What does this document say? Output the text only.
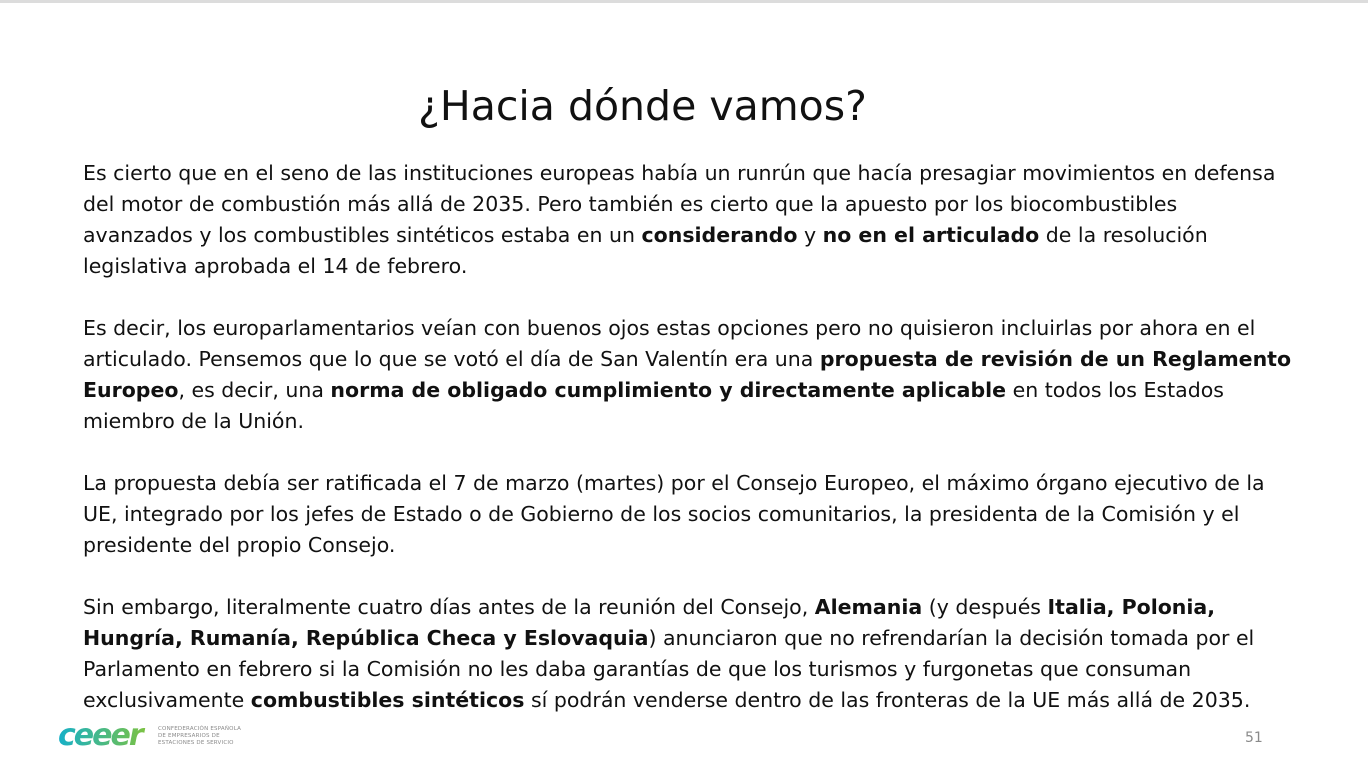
¿Hacia dónde vamos?

Es cierto que en el seno de las instituciones europeas había un runrún que hacía presagiar movimientos en defensa del motor de combustión más allá de 2035. Pero también es cierto que la apuesto por los biocombustibles avanzados y los combustibles sintéticos estaba en un considerando y no en el articulado de la resolución legislativa aprobada el 14 de febrero.

Es decir, los europarlamentarios veían con buenos ojos estas opciones pero no quisieron incluirlas por ahora en el articulado. Pensemos que lo que se votó el día de San Valentín era una propuesta de revisión de un Reglamento Europeo, es decir, una norma de obligado cumplimiento y directamente aplicable en todos los Estados miembro de la Unión.

La propuesta debía ser ratificada el 7 de marzo (martes) por el Consejo Europeo, el máximo órgano ejecutivo de la UE, integrado por los jefes de Estado o de Gobierno de los socios comunitarios, la presidenta de la Comisión y el presidente del propio Consejo.

Sin embargo, literalmente cuatro días antes de la reunión del Consejo, Alemania (y después Italia, Polonia, Hungría, Rumanía, República Checa y Eslovaquia) anunciaron que no refrendarían la decisión tomada por el Parlamento en febrero si la Comisión no les daba garantías de que los turismos y furgonetas que consuman exclusivamente combustibles sintéticos sí podrán venderse dentro de las fronteras de la UE más allá de 2035.

ceeer	CONFEDERACIÓN ESPAÑOLA
DE EMPRESARIOS DE
ESTACIONES DE SERVICIO	51
